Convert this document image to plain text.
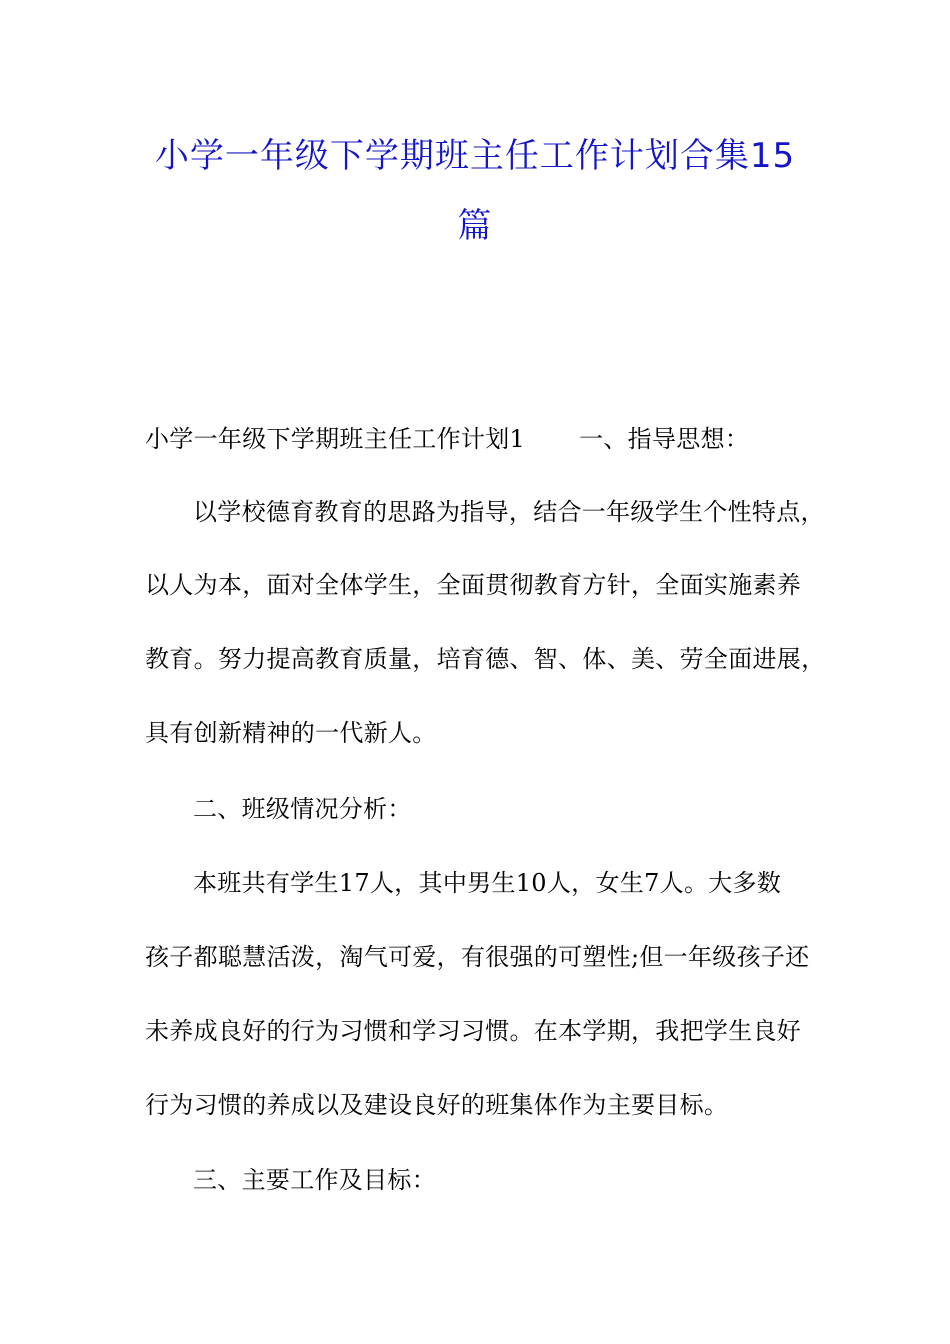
小学一年级下学期班主任工作计划合集15
篇
小学一年级下学期班主任工作计划1 一、指导思想：
以学校德育教育的思路为指导，结合一年级学生个性特点，
以人为本，面对全体学生，全面贯彻教育方针，全面实施素养
教育。努力提高教育质量，培育德、智、体、美、劳全面进展，
具有创新精神的一代新人。
二、班级情况分析：
本班共有学生17人，其中男生10人，女生7人。大多数
孩子都聪慧活泼，淘气可爱，有很强的可塑性;但一年级孩子还
未养成良好的行为习惯和学习习惯。在本学期，我把学生良好
行为习惯的养成以及建设良好的班集体作为主要目标。
三、主要工作及目标：
